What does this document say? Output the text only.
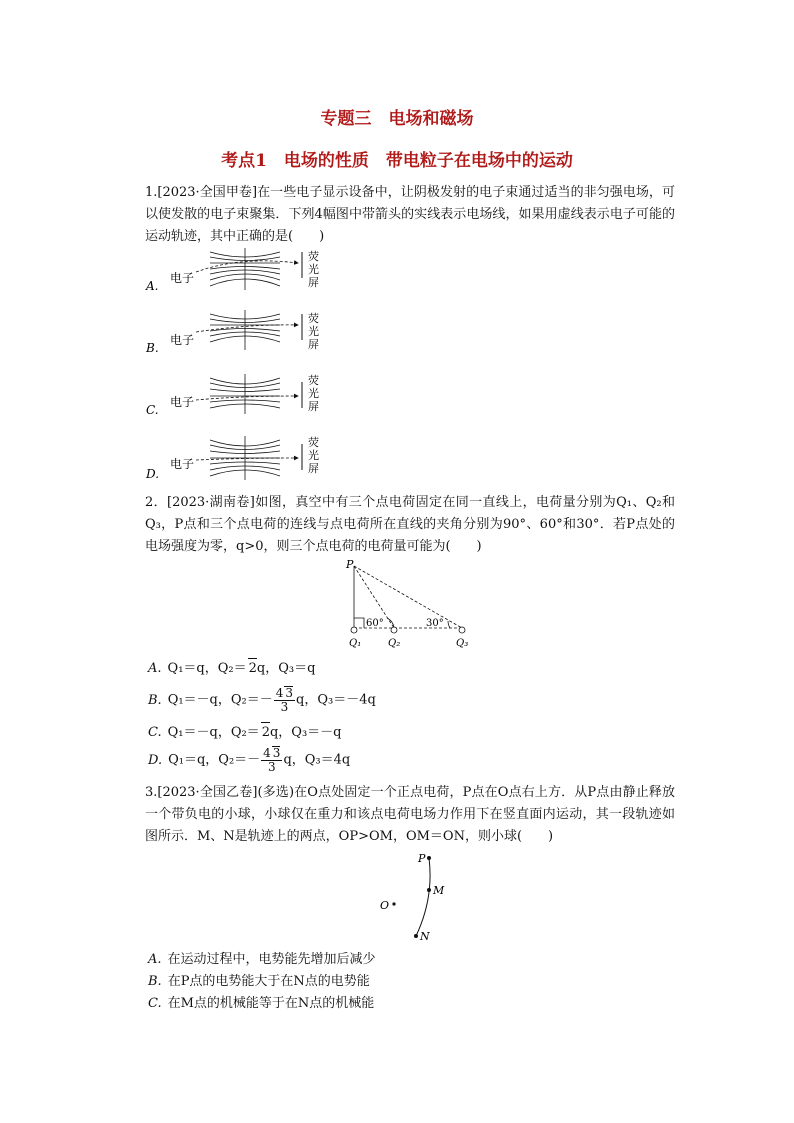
专题三　电场和磁场
考点1　电场的性质　带电粒子在电场中的运动
1.[2023·全国甲卷]在一些电子显示设备中，让阴极发射的电子束通过适当的非匀强电场，可以使发散的电子束聚集．下列4幅图中带箭头的实线表示电场线，如果用虚线表示电子可能的运动轨迹，其中正确的是(　　)
A.
电子
荧
光
屏
B.
电子
荧
光
屏
C.
电子
荧
光
屏
D.
电子
荧
光
屏
2．[2023·湖南卷]如图，真空中有三个点电荷固定在同一直线上，电荷量分别为Q₁、Q₂和Q₃，P点和三个点电荷的连线与点电荷所在直线的夹角分别为90°、60°和30°．若P点处的电场强度为零，q>0，则三个点电荷的电荷量可能为(　　)
P
60°	30°
Q₁	Q₂	Q₃
A. Q₁＝q，Q₂＝ 2q，Q₃＝q
B. Q₁＝－q，$Q_2=- \frac{4 3}{3}$ q，Q₃＝－4q
C. Q₁＝－q，Q₂＝ 2q，Q₃＝－q
D. Q₁＝q，$Q_2=- \frac{4 3}{3}$ q，Q₃＝4q
3.[2023·全国乙卷](多选)在O点处固定一个正点电荷，P点在O点右上方．从P点由静止释放一个带负电的小球，小球仅在重力和该点电荷电场力作用下在竖直面内运动，其一段轨迹如图所示．M、N是轨迹上的两点，OP>OM，OM＝ON，则小球(　　)
P
M
N
O
A. 在运动过程中，电势能先增加后减少
B. 在P点的电势能大于在N点的电势能
C. 在M点的机械能等于在N点的机械能
